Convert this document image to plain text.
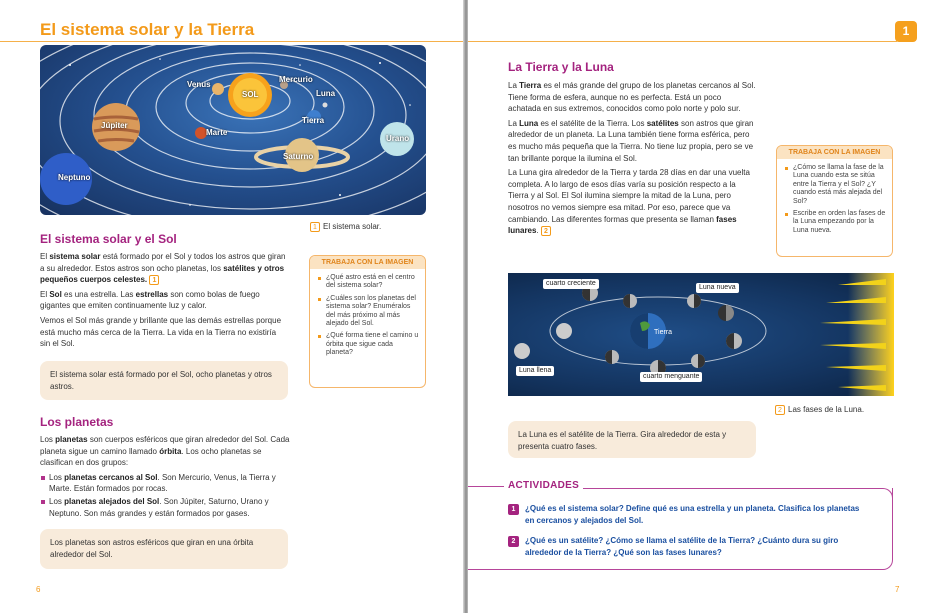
El sistema solar y la Tierra
SOL
Mercurio
Venus
Luna
Tierra
Marte
Júpiter
Saturno
Urano
Neptuno
1 El sistema solar.
El sistema solar y el Sol

El sistema solar está formado por el Sol y todos los astros que giran a su alrededor. Estos astros son ocho planetas, los satélites y otros pequeños cuerpos celestes. 1

El Sol es una estrella. Las estrellas son como bolas de fuego gigantes que emiten continuamente luz y calor.

Vemos el Sol más grande y brillante que las demás estrellas porque está mucho más cerca de la Tierra. La vida en la Tierra no existiría sin el Sol.

El sistema solar está formado por el Sol, ocho planetas y otros astros.
TRABAJA CON LA IMAGEN
¿Qué astro está en el centro del sistema solar?
¿Cuáles son los planetas del sistema solar? Enuméralos del más próximo al más alejado del Sol.
¿Qué forma tiene el camino u órbita que sigue cada planeta?
Los planetas

Los planetas son cuerpos esféricos que giran alrededor del Sol. Cada planeta sigue un camino llamado órbita. Los ocho planetas se clasifican en dos grupos:

Los planetas cercanos al Sol. Son Mercurio, Venus, la Tierra y Marte. Están formados por rocas.
Los planetas alejados del Sol. Son Júpiter, Saturno, Urano y Neptuno. Son más grandes y están formados por gases.
Los planetas son astros esféricos que giran en una órbita alrededor del Sol.
6
1
La Tierra y la Luna

La Tierra es el más grande del grupo de los planetas cercanos al Sol. Tiene forma de esfera, aunque no es perfecta. Está un poco achatada en sus extremos, conocidos como polo norte y polo sur.

La Luna es el satélite de la Tierra. Los satélites son astros que giran alrededor de un planeta. La Luna también tiene forma esférica, pero es mucho más pequeña que la Tierra. No tiene luz propia, pero se ve tan brillante porque la ilumina el Sol.

La Luna gira alrededor de la Tierra y tarda 28 días en dar una vuelta completa. A lo largo de esos días varía su posición respecto a la Tierra y al Sol. El Sol ilumina siempre la mitad de la Luna, pero nosotros no vemos siempre esa mitad. Por eso, parece que va cambiando. Las diferentes formas que presenta se llaman fases lunares. 2

TRABAJA CON LA IMAGEN
¿Cómo se llama la fase de la Luna cuando esta se sitúa entre la Tierra y el Sol? ¿Y cuando está más alejada del Sol?
Escribe en orden las fases de la Luna empezando por la Luna nueva.
cuarto creciente
Luna nueva
Luna llena
cuarto menguante
Tierra
2 Las fases de la Luna.
La Luna es el satélite de la Tierra. Gira alrededor de esta y presenta cuatro fases.
ACTIVIDADES
1	¿Qué es el sistema solar? Define qué es una estrella y un planeta. Clasifica los planetas en cercanos y alejados del Sol.
2	¿Qué es un satélite? ¿Cómo se llama el satélite de la Tierra? ¿Cuánto dura su giro alrededor de la Tierra? ¿Qué son las fases lunares?
7
